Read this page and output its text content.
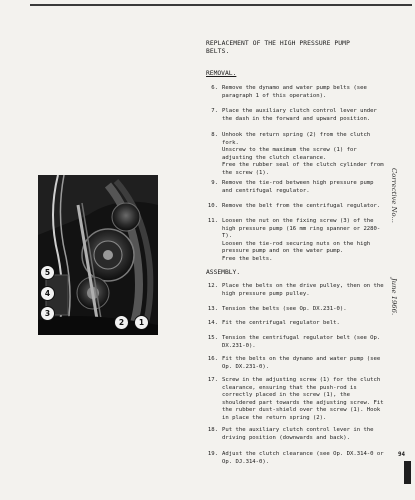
5
4
3
2	1
REPLACEMENT OF THE HIGH PRESSURE PUMP BELTS.
REMOVAL.
6. Remove the dynamo and water pump belts (see paragraph 1 of this operation).
7. Place the auxiliary clutch control lever under the dash in the forward and upward position.
8. Unhook the return spring (2) from the clutch fork.
Unscrew to the maximum the screw (1) for adjusting the clutch clearance.
Free the rubber seal of the clutch cylinder from the screw (1).
9. Remove the tie-rod between high pressure pump and centrifugal regulator.
10. Remove the belt from the centrifugal regulator.
11. Loosen the nut on the fixing screw (3) of the high pressure pump (16 mm ring spanner or 2280-T).
Loosen the tie-rod securing nuts on the high pressure pump and on the water pump.
Free the belts.
ASSEMBLY.
12. Place the belts on the drive pulley, then on the high pressure pump pulley.
13. Tension the belts (see Op. DX.231-0).
14. Fit the centrifugal regulator belt.
15. Tension the centrifugal regulator belt (see Op. DX.231-0).
16. Fit the belts on the dynamo and water pump (see Op. DX.231-0).
17. Screw in the adjusting screw (1) for the clutch clearance, ensuring that the push-rod is correctly placed in the screw (1), the shouldered part towards the adjusting screw. Fit the rubber dust-shield over the screw (1). Hook in place the return spring (2).
18. Put the auxiliary clutch control lever in the driving position (downwards and back).
19. Adjust the clutch clearance (see Op. DX.314-0 or Op. DJ.314-0).
Corrective No...
June 1966.
94
